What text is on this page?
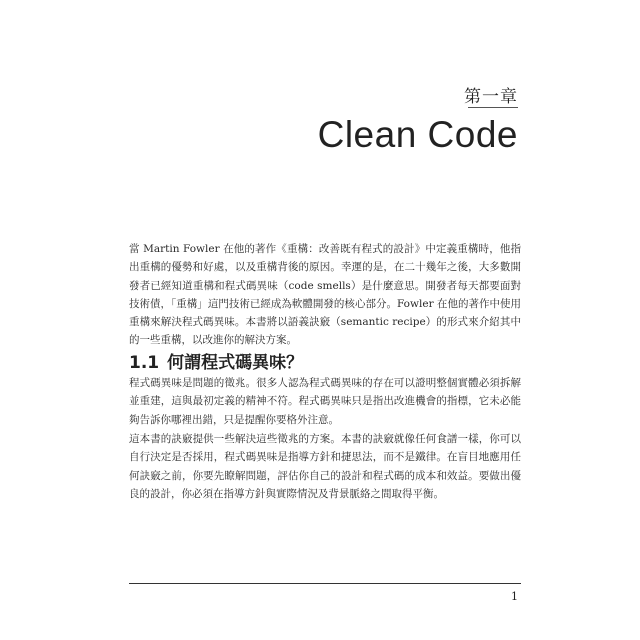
第一章
Clean Code

當 Martin Fowler 在他的著作《重構：改善既有程式的設計》中定義重構時，他指出重構的優勢和好處，以及重構背後的原因。幸運的是，在二十幾年之後，大多數開發者已經知道重構和程式碼異味（code smells）是什麼意思。開發者每天都要面對技術債，「重構」這門技術已經成為軟體開發的核心部分。Fowler 在他的著作中使用重構來解決程式碼異味。本書將以語義訣竅（semantic recipe）的形式來介紹其中的一些重構，以改進你的解決方案。

1.1 何謂程式碼異味？

程式碼異味是問題的徵兆。很多人認為程式碼異味的存在可以證明整個實體必須拆解並重建，這與最初定義的精神不符。程式碼異味只是指出改進機會的指標，它未必能夠告訴你哪裡出錯，只是提醒你要格外注意。

這本書的訣竅提供一些解決這些徵兆的方案。本書的訣竅就像任何食譜一樣，你可以自行決定是否採用，程式碼異味是指導方針和捷思法，而不是鐵律。在盲目地應用任何訣竅之前，你要先瞭解問題，評估你自己的設計和程式碼的成本和效益。要做出優良的設計，你必須在指導方針與實際情況及背景脈絡之間取得平衡。

1
